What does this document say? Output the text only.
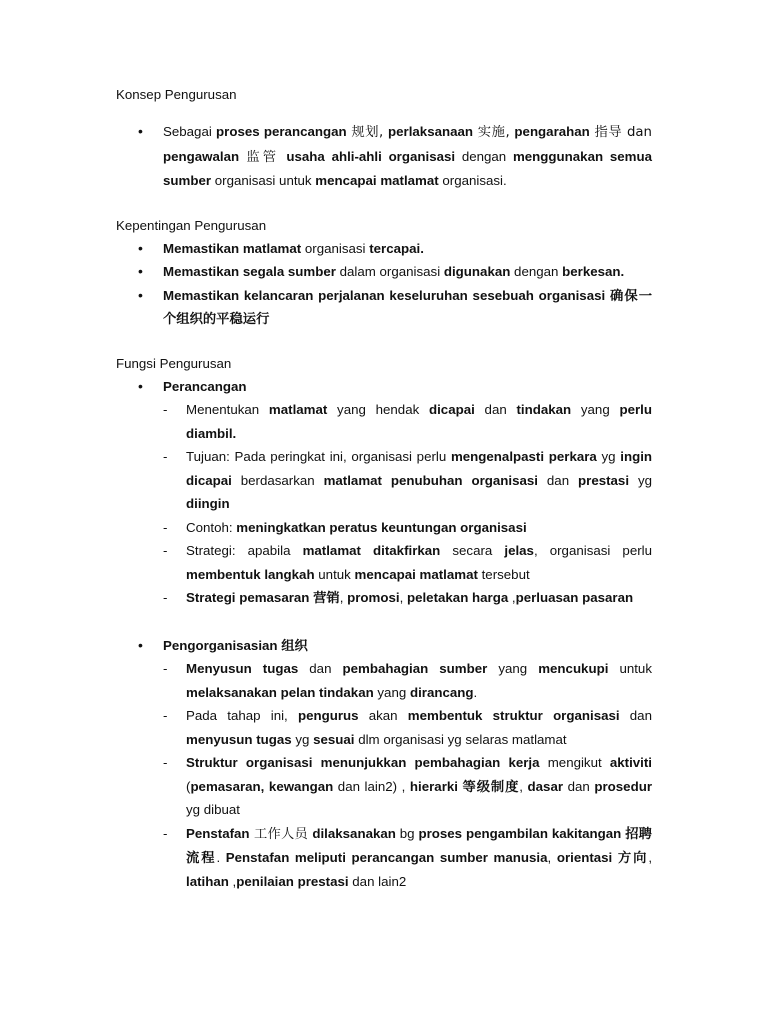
Konsep Pengurusan
• Sebagai proses perancangan 规划, perlaksanaan 实施, pengarahan 指导 dan pengawalan 监管 usaha ahli-ahli organisasi dengan menggunakan semua sumber organisasi untuk mencapai matlamat organisasi.
Kepentingan Pengurusan
• Memastikan matlamat organisasi tercapai.
• Memastikan segala sumber dalam organisasi digunakan dengan berkesan.
• Memastikan kelancaran perjalanan keseluruhan sesebuah organisasi 确保一个组织的平稳运行
Fungsi Pengurusan
• Perancangan
- Menentukan matlamat yang hendak dicapai dan tindakan yang perlu diambil.
- Tujuan: Pada peringkat ini, organisasi perlu mengenalpasti perkara yg ingin dicapai berdasarkan matlamat penubuhan organisasi dan prestasi yg diingin
- Contoh: meningkatkan peratus keuntungan organisasi
- Strategi: apabila matlamat ditakfirkan secara jelas, organisasi perlu membentuk langkah untuk mencapai matlamat tersebut
- Strategi pemasaran 营销, promosi, peletakan harga ,perluasan pasaran
• Pengorganisasian 组织
- Menyusun tugas dan pembahagian sumber yang mencukupi untuk melaksanakan pelan tindakan yang dirancang.
- Pada tahap ini, pengurus akan membentuk struktur organisasi dan menyusun tugas yg sesuai dlm organisasi yg selaras matlamat
- Struktur organisasi menunjukkan pembahagian kerja mengikut aktiviti (pemasaran, kewangan dan lain2) , hierarki 等级制度, dasar dan prosedur yg dibuat
- Penstafan 工作人员 dilaksanakan bg proses pengambilan kakitangan 招聘流程. Penstafan meliputi perancangan sumber manusia, orientasi 方向, latihan ,penilaian prestasi dan lain2
